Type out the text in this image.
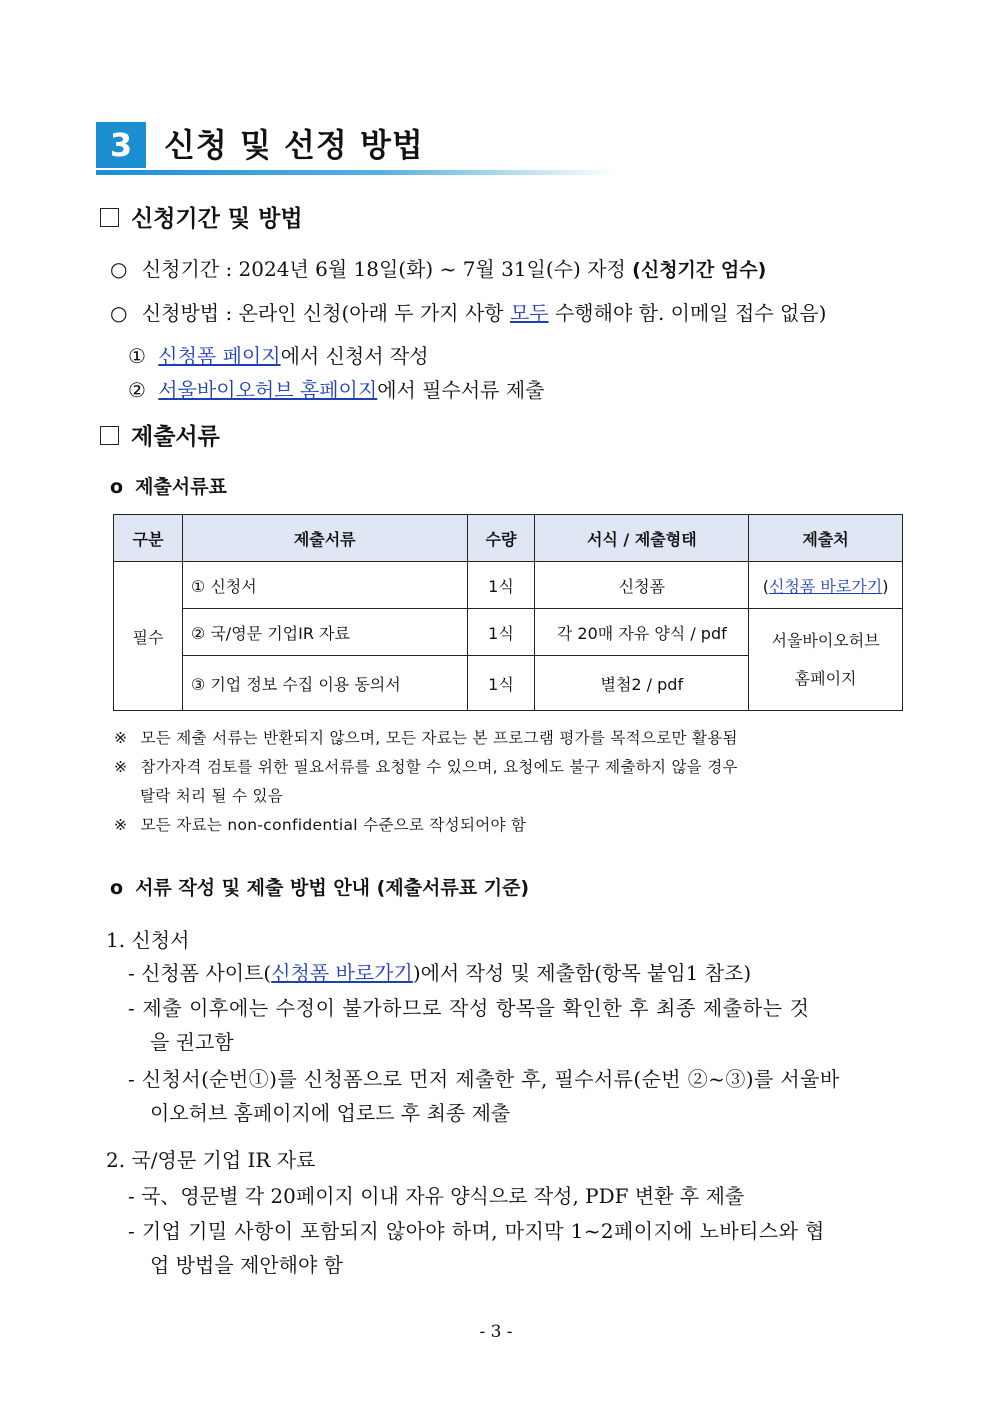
3 신청 및 선정 방법
신청기간 및 방법
○ 신청기간 : 2024년 6월 18일(화) ~ 7월 31일(수) 자정 (신청기간 엄수)
○ 신청방법 : 온라인 신청(아래 두 가지 사항 모두 수행해야 함. 이메일 접수 없음)
① 신청폼 페이지에서 신청서 작성
② 서울바이오허브 홈페이지에서 필수서류 제출
제출서류
o 제출서류표
구분	제출서류	수량	서식 / 제출형태	제출처
필수	① 신청서	1식	신청폼	(신청폼 바로가기)
	② 국/영문 기업IR 자료	1식	각 20매 자유 양식 / pdf	서울바이오허브
홈페이지

	③ 기업 정보 수집 이용 동의서	1식	별첨2 / pdf	
※ 모든 제출 서류는 반환되지 않으며, 모든 자료는 본 프로그램 평가를 목적으로만 활용됨
※ 참가자격 검토를 위한 필요서류를 요청할 수 있으며, 요청에도 불구 제출하지 않을 경우
탈락 처리 될 수 있음
※ 모든 자료는 non-confidential 수준으로 작성되어야 함
o 서류 작성 및 제출 방법 안내 (제출서류표 기준)
1. 신청서
- 신청폼 사이트(신청폼 바로가기)에서 작성 및 제출함(항목 붙임1 참조)
- 제출 이후에는 수정이 불가하므로 작성 항목을 확인한 후 최종 제출하는 것
을 권고함
- 신청서(순번①)를 신청폼으로 먼저 제출한 후, 필수서류(순번 ②~③)를 서울바
이오허브 홈페이지에 업로드 후 최종 제출
2. 국/영문 기업 IR 자료
- 국、영문별 각 20페이지 이내 자유 양식으로 작성, PDF 변환 후 제출
- 기업 기밀 사항이 포함되지 않아야 하며, 마지막 1~2페이지에 노바티스와 협
업 방법을 제안해야 함
- 3 -
